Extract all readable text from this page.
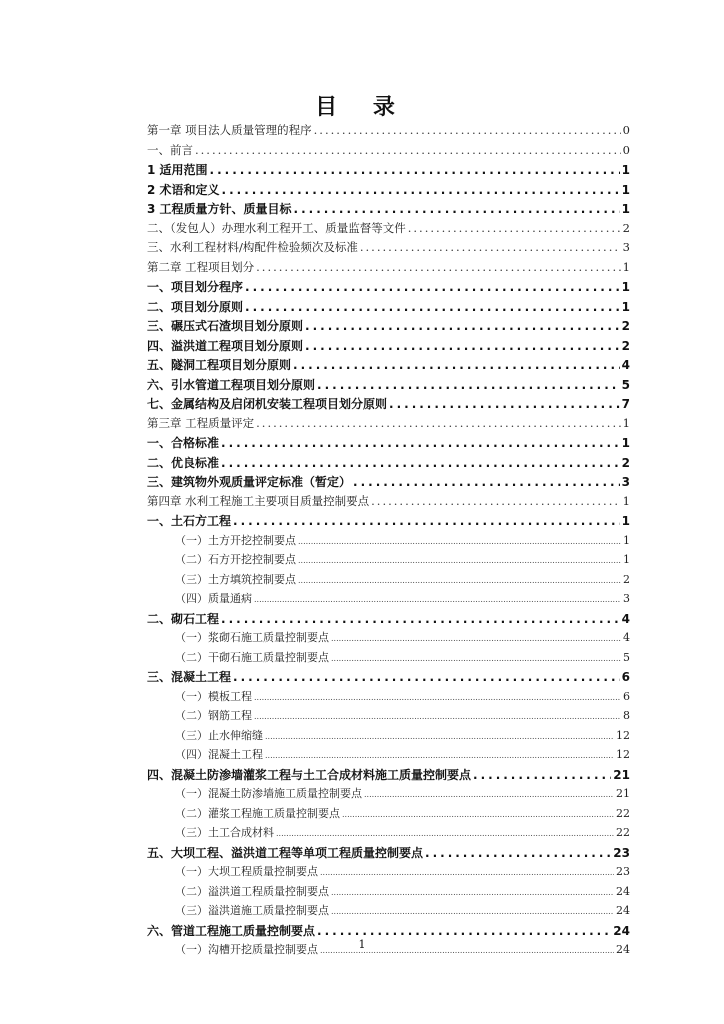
目 录
第一章 项目法人质量管理的程序 .....	0
一、前言 .....	0
1 适用范围 .....	1
2 术语和定义 .....	1
3 工程质量方针、质量目标 .....	1
二、（发包人）办理水利工程开工、质量监督等文件 .....	2
三、水利工程材料/构配件检验频次及标准 .....	3
第二章 工程项目划分 .....	1
一、项目划分程序 .....	1
二、项目划分原则 .....	1
三、碾压式石渣坝目划分原则 .....	2
四、溢洪道工程项目划分原则 .....	2
五、隧洞工程项目划分原则 .....	4
六、引水管道工程项目划分原则 .....	5
七、金属结构及启闭机安装工程项目划分原则 .....	7
第三章 工程质量评定 .....	1
一、合格标准 .....	1
二、优良标准 .....	2
三、建筑物外观质量评定标准（暂定） .....	3
第四章 水利工程施工主要项目质量控制要点 .....	1
一、土石方工程 .....	1
（一）土方开挖控制要点 .....	1
（二）石方开挖控制要点 .....	1
（三）土方填筑控制要点 .....	2
（四）质量通病 .....	3
二、砌石工程 .....	4
（一）浆砌石施工质量控制要点 .....	4
（二）干砌石施工质量控制要点 .....	5
三、混凝土工程 .....	6
（一）模板工程 .....	6
（二）钢筋工程 .....	8
（三）止水伸缩缝 .....	12
（四）混凝土工程 .....	12
四、混凝土防渗墙灌浆工程与土工合成材料施工质量控制要点 .....	21
（一）混凝土防渗墙施工质量控制要点 .....	21
（二）灌浆工程施工质量控制要点 .....	22
（三）土工合成材料 .....	22
五、大坝工程、溢洪道工程等单项工程质量控制要点 .....	23
（一）大坝工程质量控制要点 .....	23
（二）溢洪道工程质量控制要点 .....	24
（三）溢洪道施工质量控制要点 .....	24
六、管道工程施工质量控制要点 .....	24
（一）沟槽开挖质量控制要点 .....	24
1
